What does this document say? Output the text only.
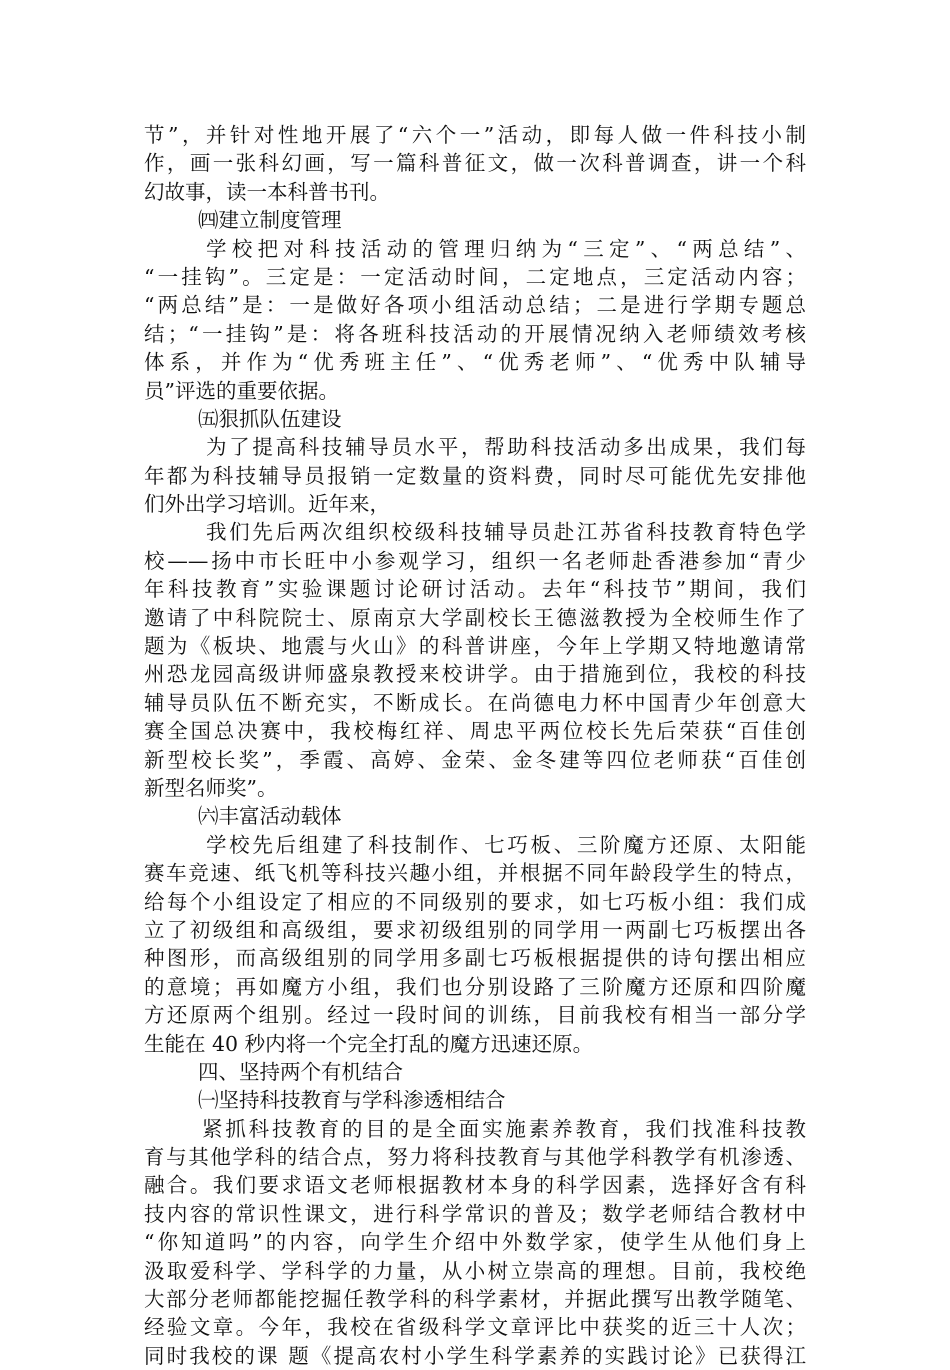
节”，并针对性地开展了“六个一”活动，即每人做一件科技小制
作，画一张科幻画，写一篇科普征文，做一次科普调查，讲一个科
幻故事，读一本科普书刊。
㈣建立制度管理
学校把对科技活动的管理归纳为“三定”、“两总结”、
“一挂钩”。三定是：一定活动时间，二定地点，三定活动内容；
“两总结”是：一是做好各项小组活动总结；二是进行学期专题总
结；“一挂钩”是：将各班科技活动的开展情况纳入老师绩效考核
体系，并作为“优秀班主任”、“优秀老师”、“优秀中队辅导
员”评选的重要依据。
㈤狠抓队伍建设
为了提高科技辅导员水平，帮助科技活动多出成果，我们每
年都为科技辅导员报销一定数量的资料费，同时尽可能优先安排他
们外出学习培训。近年来，
我们先后两次组织校级科技辅导员赴江苏省科技教育特色学
校——扬中市长旺中小参观学习，组织一名老师赴香港参加“青少
年科技教育”实验课题讨论研讨活动。去年“科技节”期间，我们
邀请了中科院院士、原南京大学副校长王德滋教授为全校师生作了
题为《板块、地震与火山》的科普讲座，今年上学期又特地邀请常
州恐龙园高级讲师盛泉教授来校讲学。由于措施到位，我校的科技
辅导员队伍不断充实，不断成长。在尚德电力杯中国青少年创意大
赛全国总决赛中，我校梅红祥、周忠平两位校长先后荣获“百佳创
新型校长奖”，季霞、高婷、金荣、金冬建等四位老师获“百佳创
新型名师奖”。
㈥丰富活动载体
学校先后组建了科技制作、七巧板、三阶魔方还原、太阳能
赛车竞速、纸飞机等科技兴趣小组，并根据不同年龄段学生的特点，
给每个小组设定了相应的不同级别的要求，如七巧板小组：我们成
立了初级组和高级组，要求初级组别的同学用一两副七巧板摆出各
种图形，而高级组别的同学用多副七巧板根据提供的诗句摆出相应
的意境；再如魔方小组，我们也分别设路了三阶魔方还原和四阶魔
方还原两个组别。经过一段时间的训练，目前我校有相当一部分学
生能在 40 秒内将一个完全打乱的魔方迅速还原。
四、坚持两个有机结合
㈠坚持科技教育与学科渗透相结合
紧抓科技教育的目的是全面实施素养教育，我们找准科技教
育与其他学科的结合点，努力将科技教育与其他学科教学有机渗透、
融合。我们要求语文老师根据教材本身的科学因素，选择好含有科
技内容的常识性课文，进行科学常识的普及；数学老师结合教材中
“你知道吗”的内容，向学生介绍中外数学家，使学生从他们身上
汲取爱科学、学科学的力量，从小树立崇高的理想。目前，我校绝
大部分老师都能挖掘任教学科的科学素材，并据此撰写出教学随笔、
经验文章。今年，我校在省级科学文章评比中获奖的近三十人次；
同时我校的课 题《提高农村小学生科学素养的实践讨论》已获得江
